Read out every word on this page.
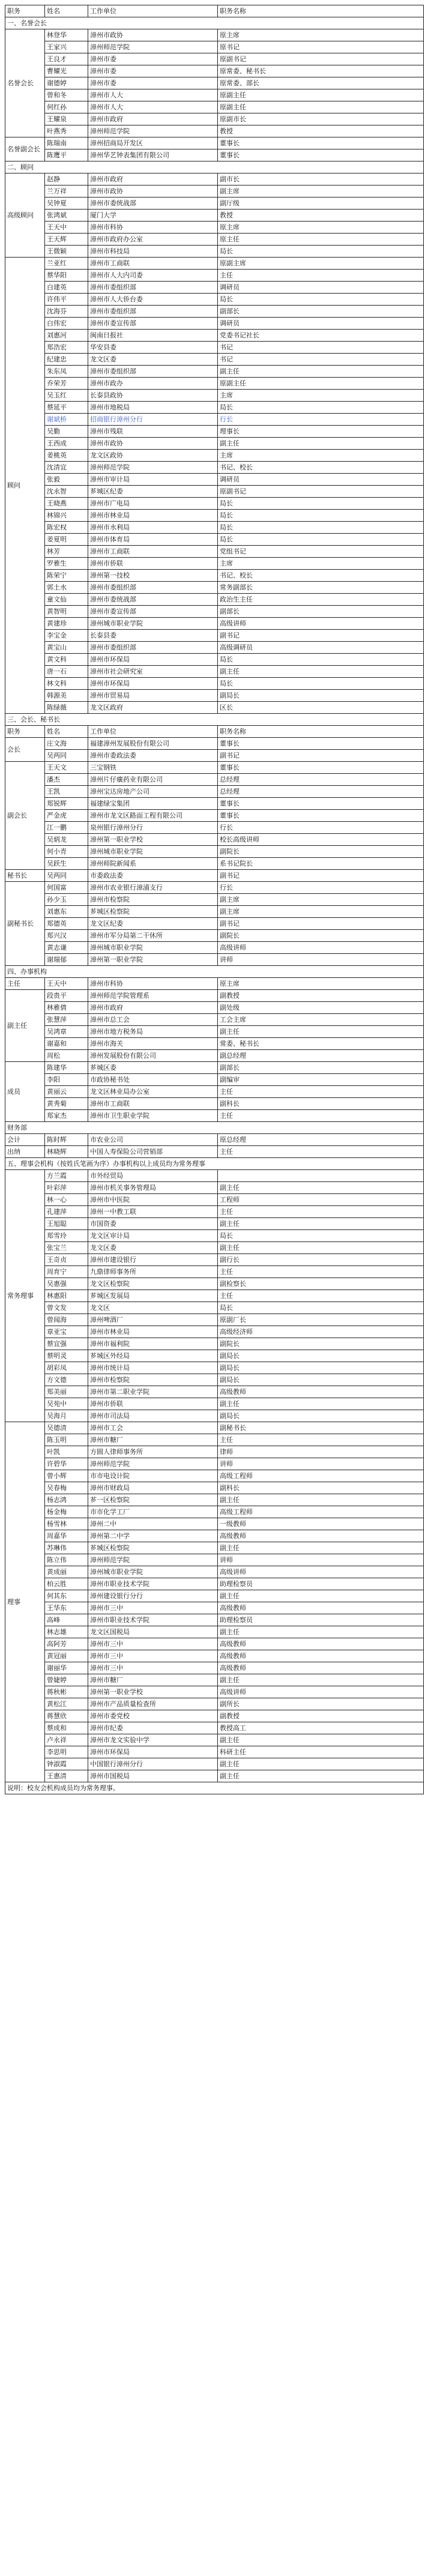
职务	姓名	工作单位	职务名称
一、名誉会长			
名誉会长	林登华	漳州市政协	原主席
	王家兴	漳州师范学院	原书记
	王良才	漳州市委	原副书记
	曹耀光	漳州市委	原常委、秘书长
	谢德婷	漳州市委	原常委、部长
	曾和冬	漳州市人大	原副主任
	何红孙	漳州市人大	原副主任
	王耀泉	漳州市政府	原副市长
	叶燕秀	漳州师范学院	教授
名誉副会长	陈瑞南	漳州招商局开发区	董事长
	陈鹰平	漳州华艺钟表集团有限公司	董事长
二、顾问			
高级顾问	赵静	漳州市政府	副市长
	兰万祥	漳州市政协	副主席
	吴钟夏	漳州市委统战部	副厅级
	张鸿斌	厦门大学	教授
	王天中	漳州市科协	原主席
	王天辉	漳州市政府办公室	原主任
	王微颖	漳州市科技局	局长
顾问	兰亚红	漳州市工商联	原副主席
	蔡华阳	漳州市人大内司委	主任
	白建英	漳州市委组织部	调研员
	许伟平	漳州市人大侨台委	局长
	沈海芬	漳州市委组织部	副部长
	白伟宏	漳州市委宣传部	调研员
	刘惠河	闽南日报社	党委书记社长
	郑浩宏	华安县委	书记
	纪建忠	龙文区委	书记
	朱东凤	漳州市委组织部	副主任
	乔荣芳	漳州市政办	原副主任
	吴玉红	长泰县政协	主席
	蔡延平	漳州市地税局	局长
	谢斌桥	招商银行漳州分行	行长
	吴勤	漳州市残联	理事长
	王西成	漳州市政协	副主任
	姜桃英	龙文区政协	主席
	沈清宜	漳州师范学院	书记、校长
	张毅	漳州市审计局	调研员
	沈永智	芗城区纪委	原副书记
	王晓燕	漳州市广电局	局长
	林锦兴	漳州市林业局	局长
	陈宏权	漳州市水利局	局长
	姜夏明	漳州市体育局	局长
	林芳	漳州市工商联	党组书记
	罗雅生	漳州市侨联	主席
	陈荣宁	漳州第一技校	书记、校长
	郭土水	漳州市委组织部	常务副部长
	童文仙	漳州市委统战部	政治生主任
	黄智明	漳州市委宣传部	副部长
	黄建珍	漳州城市职业学院	高级讲师
	李宝金	长泰县委	副书记
	黄宝山	漳州市委组织部	高级调研员
	黄文科	漳州市环保局	局长
	唐一石	漳州市社会研究室	副主任
	林文科	漳州市环保局	局长
	韩源美	漳州市贸易局	副局长
	陈绿薇	龙文区政府	区长
三、会长、秘书长			
职务	姓名	工作单位	职务名称
会长	庄文海	福建漳州发展股份有限公司	董事长
	吴两同	漳州市委政法委	副书记
副会长	王天文	三宝钢铁	董事长
	潘杰	漳州片仔癀药业有限公司	总经理
	王凯	漳州宝达房地产公司	总经理
	郑锐辉	福建绿宝集团	董事长
	严金虎	漳州市龙文区路面工程有限公司	董事长
	江一鹏	泉州银行漳州分行	行长
	吴炳龙	漳州第一职业学校	校长高级讲师
	何小青	漳州城市职业学院	副院长
	吴跃生	漳州师院新闻系	系书记院长
秘书长	吴两同	市委政法委	副书记
副秘书长	何国富	漳州市农业银行漳浦支行	行长
	孙少玉	漳州市检察院	副主席
	刘惠东	芗城区检察院	副主席
	郑德英	龙文区纪委	副书记
	郑兴汉	漳州市军分局第二干休所	副院长
	黄志谦	漳州城市职业学院	高级讲师
	谢瑞郁	漳州第一职业学院	讲师
四、办事机构			
主任	王天中	漳州市科协	原主席
副主任	段贵平	漳州师范学院管理系	副教授
	林雅倩	漳州市政府	副处级
	张慧萍	漳州市总工会	工会主席
	吴鸿章	漳州市地方税务局	副主任
	谢嘉和	漳州市海关	常委、秘书长
	周松	漳州发展股份有限公司	副总经理
成员	陈建华	芗城区委	副部长
	李阳	市政协秘书处	副编审
	黄丽云	龙文区林业局办公室	主任
	黄秀菊	漳州市工商联	副科长
	郑家杰	漳州市卫生职业学院	主任
财务部			
会计	陈时辉	市农业公司	原总经理
出纳	林晓辉	中国人寿保险公司营销部	主任
五、理事会机构（按姓氏笔画为序）办事机构以上成员均为常务理事			
常务理事	方兰霞	市外经贸局	
	叶彩萍	漳州市机关事务管理局	副主任
	林一心	漳州市中医院	工程师
	孔建萍	漳州一中教工联	主任
	王旭聪	市国资委	副主任
	郑雪玲	龙文区审计局	局长
	张宝兰	龙文区委	副主任
	王奇贞	漳州市建设银行	副行长
	周育宁	九鼎律师事务所	主任
	吴惠强	龙文区检察院	副检察长
	林惠阳	芗城区发展局	主任
	曾文发	龙文区	局长
	曾闻海	漳州啤酒厂	原副厂长
	章亚宝	漳州市林业局	高级经济师
	蔡宜强	漳州市福利院	副院长
	蔡明灵	芗城区外经局	副局长
	胡彩凤	漳州市统计局	副局长
	方文德	漳州市检察院	副局长
	郑美丽	漳州市第二职业学院	高级教师
	吴苑中	漳州市侨联	副主任
	吴海月	漳州市司法局	副局长
理事	吴德清	漳州市工会	副秘书长
	陈玉明	漳州市糖厂	主任
	叶凯	方圆人律师事务所	律师
	许碧华	漳州师范学院	讲师
	曾小辉	市市电设计院	高级工程师
	吴春梅	漳州市财政局	副科长
	杨志鸿	芗一区检察院	副主任
	杨金梅	市市化学工厂	高级工程师
	杨雪林	漳州二中	一级教师
	周嘉华	漳州第二中学	高级教师
	苏琳伟	芗城区检察院	副主任
	陈立伟	漳州师范学院	讲师
	黄成丽	漳州城市职业学院	高级讲师
	柏云胜	漳州市职业技术学院	助理检察员
	何其东	漳州建设银行分行	副主任
	王华东	漳州市三中	高级教师
	高峰	漳州市职业技术学院	助理检察员
	林志雄	龙文区国税局	副主任
	高阿芳	漳州市三中	高级教师
	黄冠丽	漳州市三中	高级教师
	谢丽华	漳州市三中	高级教师
	曾婕婷	漳州市糖厂	副主任
	蒋秋彬	漳州第一职业学校	高级讲师
	黄松江	漳州市产品质量检查所	副所长
	蒋慧欣	漳州市委党校	副教授
	蔡成和	漳州市纪委	教授高工
	卢永祥	漳州市龙文实验中学	副主任
	李思明	漳州市环保局	科研主任
	钟淑霞	中国银行漳州分行	副主任
	王惠清	漳州市国税局	副主任
说明：校友会机构成员均为常务理事。			
